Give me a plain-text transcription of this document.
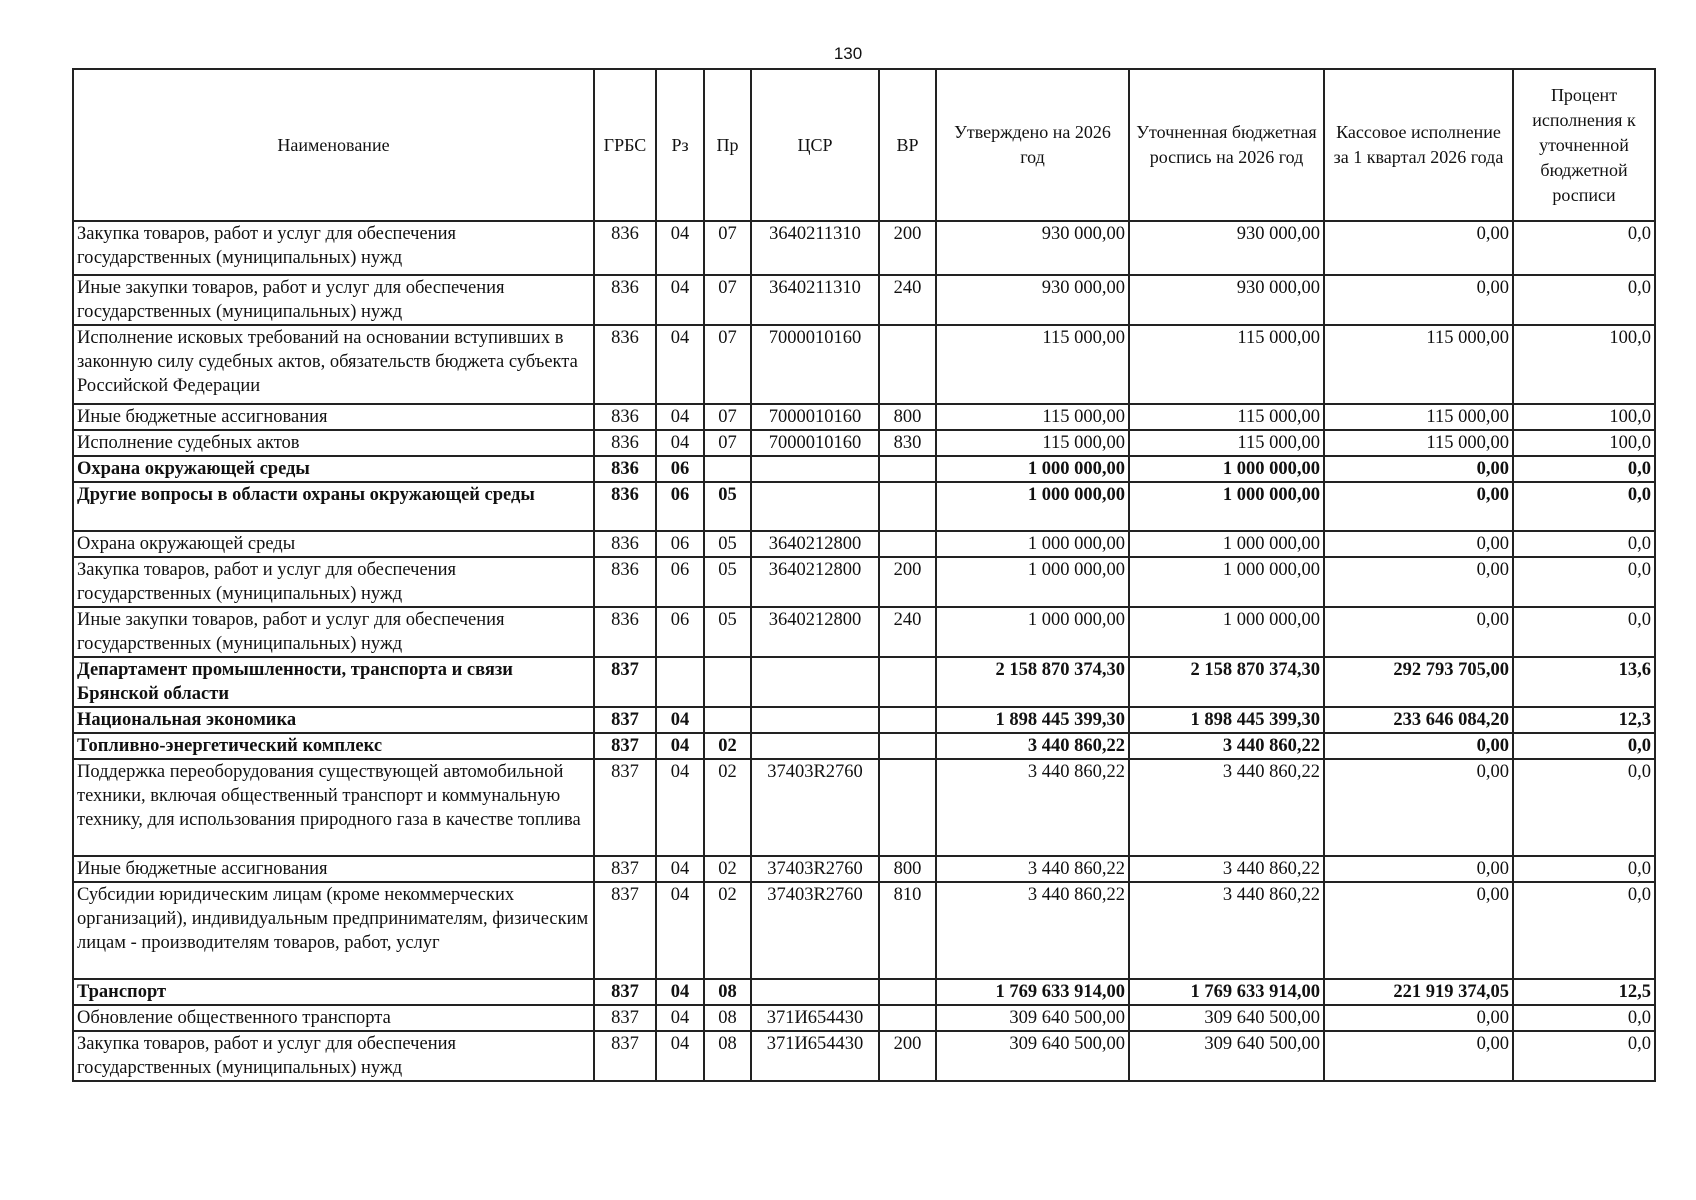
130
Наименование	ГРБС	Рз	Пр	ЦСР	ВР	Утверждено на 2026 год	Уточненная бюджетная роспись на 2026 год	Кассовое исполнение за 1 квартал 2026 года	Процент исполнения к уточненной бюджетной росписи
Закупка товаров, работ и услуг для обеспечения государственных (муниципальных) нужд	836	04	07	3640211310	200	930 000,00	930 000,00	0,00	0,0
Иные закупки товаров, работ и услуг для обеспечения государственных (муниципальных) нужд	836	04	07	3640211310	240	930 000,00	930 000,00	0,00	0,0
Исполнение исковых требований на основании вступивших в законную силу судебных актов, обязательств бюджета субъекта Российской Федерации	836	04	07	7000010160		115 000,00	115 000,00	115 000,00	100,0
Иные бюджетные ассигнования	836	04	07	7000010160	800	115 000,00	115 000,00	115 000,00	100,0
Исполнение судебных актов	836	04	07	7000010160	830	115 000,00	115 000,00	115 000,00	100,0
Охрана окружающей среды	836	06				1 000 000,00	1 000 000,00	0,00	0,0
Другие вопросы в области охраны окружающей среды	836	06	05			1 000 000,00	1 000 000,00	0,00	0,0
Охрана окружающей среды	836	06	05	3640212800		1 000 000,00	1 000 000,00	0,00	0,0
Закупка товаров, работ и услуг для обеспечения государственных (муниципальных) нужд	836	06	05	3640212800	200	1 000 000,00	1 000 000,00	0,00	0,0
Иные закупки товаров, работ и услуг для обеспечения государственных (муниципальных) нужд	836	06	05	3640212800	240	1 000 000,00	1 000 000,00	0,00	0,0
Департамент промышленности, транспорта и связи Брянской области	837					2 158 870 374,30	2 158 870 374,30	292 793 705,00	13,6
Национальная экономика	837	04				1 898 445 399,30	1 898 445 399,30	233 646 084,20	12,3
Топливно-энергетический комплекс	837	04	02			3 440 860,22	3 440 860,22	0,00	0,0
Поддержка переоборудования существующей автомобильной техники, включая общественный транспорт и коммунальную технику, для использования природного газа в качестве топлива	837	04	02	37403R2760		3 440 860,22	3 440 860,22	0,00	0,0
Иные бюджетные ассигнования	837	04	02	37403R2760	800	3 440 860,22	3 440 860,22	0,00	0,0
Субсидии юридическим лицам (кроме некоммерческих организаций), индивидуальным предпринимателям, физическим лицам - производителям товаров, работ, услуг	837	04	02	37403R2760	810	3 440 860,22	3 440 860,22	0,00	0,0
Транспорт	837	04	08			1 769 633 914,00	1 769 633 914,00	221 919 374,05	12,5
Обновление общественного транспорта	837	04	08	371И654430		309 640 500,00	309 640 500,00	0,00	0,0
Закупка товаров, работ и услуг для обеспечения государственных (муниципальных) нужд	837	04	08	371И654430	200	309 640 500,00	309 640 500,00	0,00	0,0
